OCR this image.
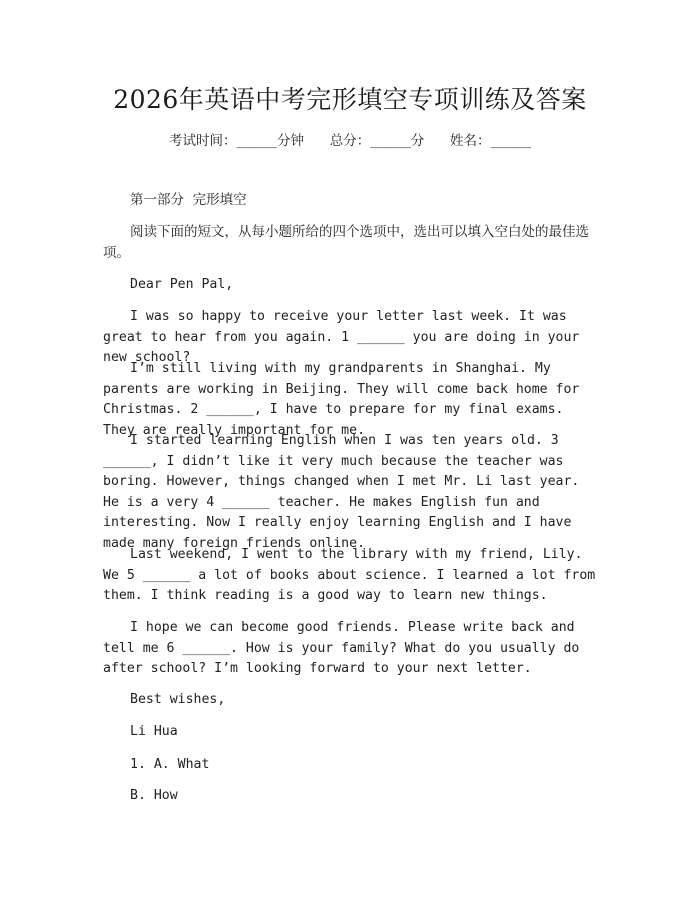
2026年英语中考完形填空专项训练及答案
考试时间：______分钟      总分：______分      姓名：______
第一部分  完形填空

阅读下面的短文，从每小题所给的四个选项中，选出可以填入空白处的最佳选项。

Dear Pen Pal,

I was so happy to receive your letter last week. It was great to hear from you again. 1 ______ you are doing in your new school?

I’m still living with my grandparents in Shanghai. My parents are working in Beijing. They will come back home for Christmas. 2 ______, I have to prepare for my final exams. They are really important for me.

I started learning English when I was ten years old. 3 ______, I didn’t like it very much because the teacher was boring. However, things changed when I met Mr. Li last year. He is a very 4 ______ teacher. He makes English fun and interesting. Now I really enjoy learning English and I have made many foreign friends online.

Last weekend, I went to the library with my friend, Lily. We 5 ______ a lot of books about science. I learned a lot from them. I think reading is a good way to learn new things.

I hope we can become good friends. Please write back and tell me 6 ______. How is your family? What do you usually do after school? I’m looking forward to your next letter.

Best wishes,
Li Hua
1. A. What
B. How
